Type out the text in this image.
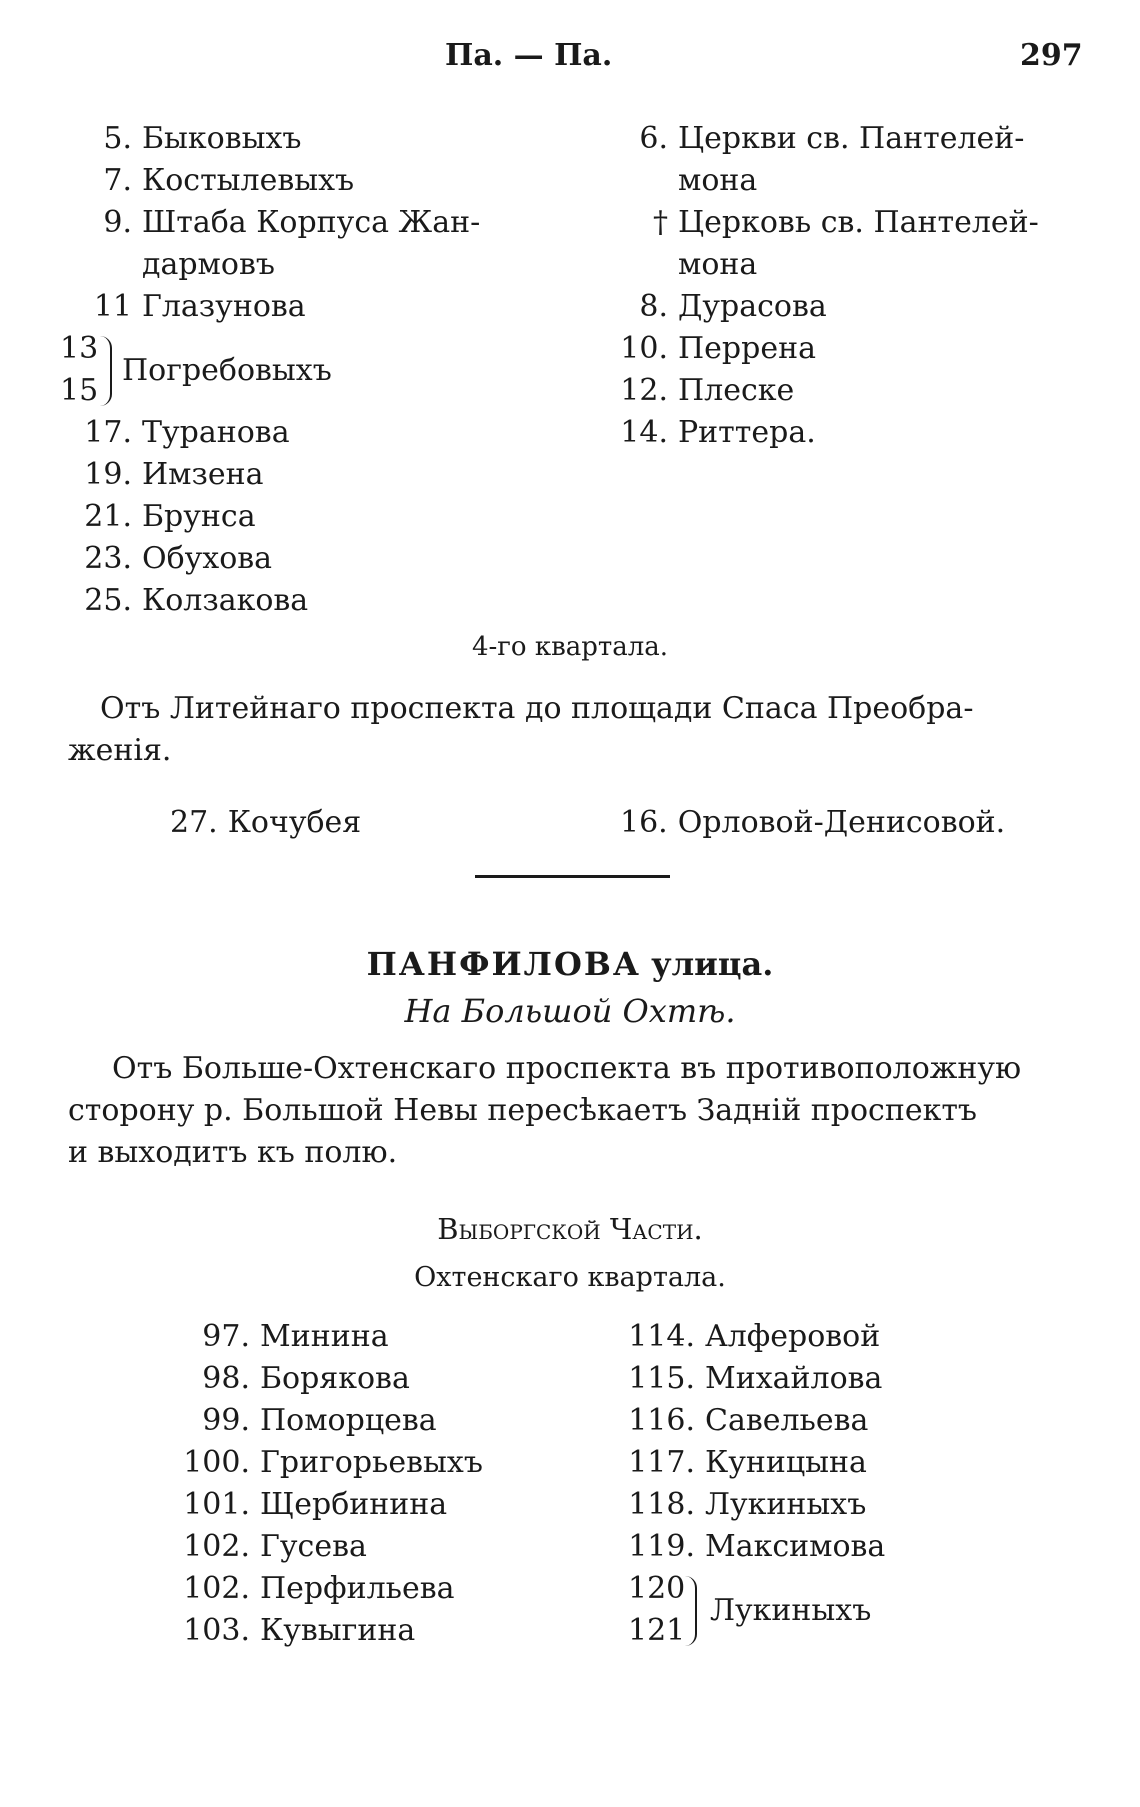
Па. — Па.	297
5. Быковыхъ
7. Костылевыхъ
9. Штаба Корпуса Жан-
дармовъ
11 Глазунова
13
15
Погребовыхъ
17. Туранова
19. Имзена
21. Брунса
23. Обухова
25. Колзакова
6. Церкви св. Пантелей-
мона
† Церковь св. Пантелей-
мона
8. Дурасова
10. Перрена
12. Плеске
14. Риттера.
4-го квартала.
Отъ Литейнаго проспекта до площади Спаса Преобра-
женія.
27. Кочубея	16. Орловой-Денисовой.
ПАНФИЛОВА улица.
На Большой Охтѣ.
Отъ Больше-Охтенскаго проспекта въ противоположную
сторону р. Большой Невы пересѣкаетъ Заднiй проспектъ
и выходитъ къ полю.
Выборгской Части.
Охтенскаго квартала.
97. Минина
98. Борякова
99. Поморцева
100. Григорьевыхъ
101. Щербинина
102. Гусева
102. Перфильева
103. Кувыгина
114. Алферовой
115. Михайлова
116. Савельева
117. Куницына
118. Лукиныхъ
119. Максимова
120
121
Лукиныхъ
